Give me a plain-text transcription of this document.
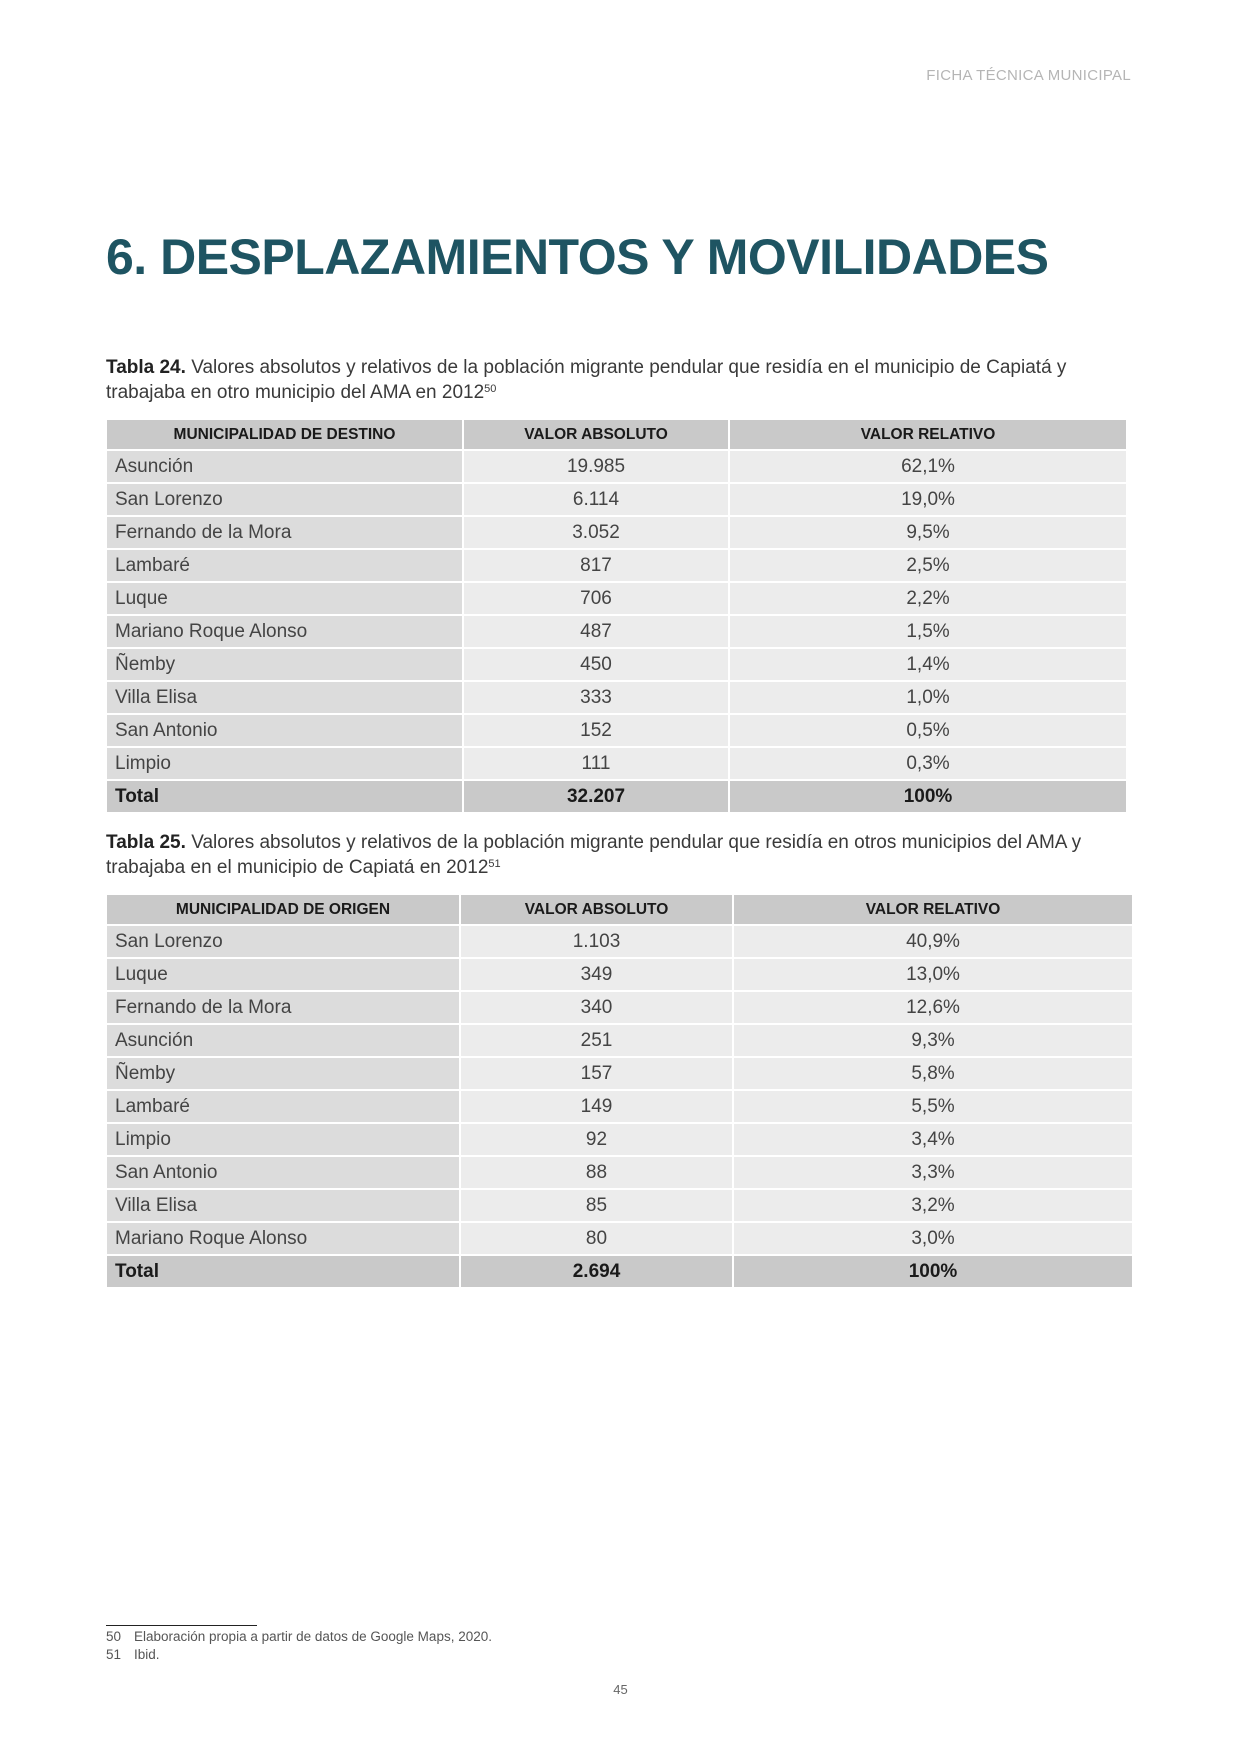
FICHA TÉCNICA MUNICIPAL
6. DESPLAZAMIENTOS Y MOVILIDADES
Tabla 24. Valores absolutos y relativos de la población migrante pendular que residía en el municipio de Capiatá y trabajaba en otro municipio del AMA en 2012$^{50}$
MUNICIPALIDAD DE DESTINO	VALOR ABSOLUTO	VALOR RELATIVO
Asunción	19.985	62,1%
San Lorenzo	6.114	19,0%
Fernando de la Mora	3.052	9,5%
Lambaré	817	2,5%
Luque	706	2,2%
Mariano Roque Alonso	487	1,5%
Ñemby	450	1,4%
Villa Elisa	333	1,0%
San Antonio	152	0,5%
Limpio	111	0,3%
Total	32.207	100%
Tabla 25. Valores absolutos y relativos de la población migrante pendular que residía en otros municipios del AMA y trabajaba en el municipio de Capiatá en 2012$^{51}$
MUNICIPALIDAD DE ORIGEN	VALOR ABSOLUTO	VALOR RELATIVO
San Lorenzo	1.103	40,9%
Luque	349	13,0%
Fernando de la Mora	340	12,6%
Asunción	251	9,3%
Ñemby	157	5,8%
Lambaré	149	5,5%
Limpio	92	3,4%
San Antonio	88	3,3%
Villa Elisa	85	3,2%
Mariano Roque Alonso	80	3,0%
Total	2.694	100%
50 Elaboración propia a partir de datos de Google Maps, 2020.
51 Ibid.
45
